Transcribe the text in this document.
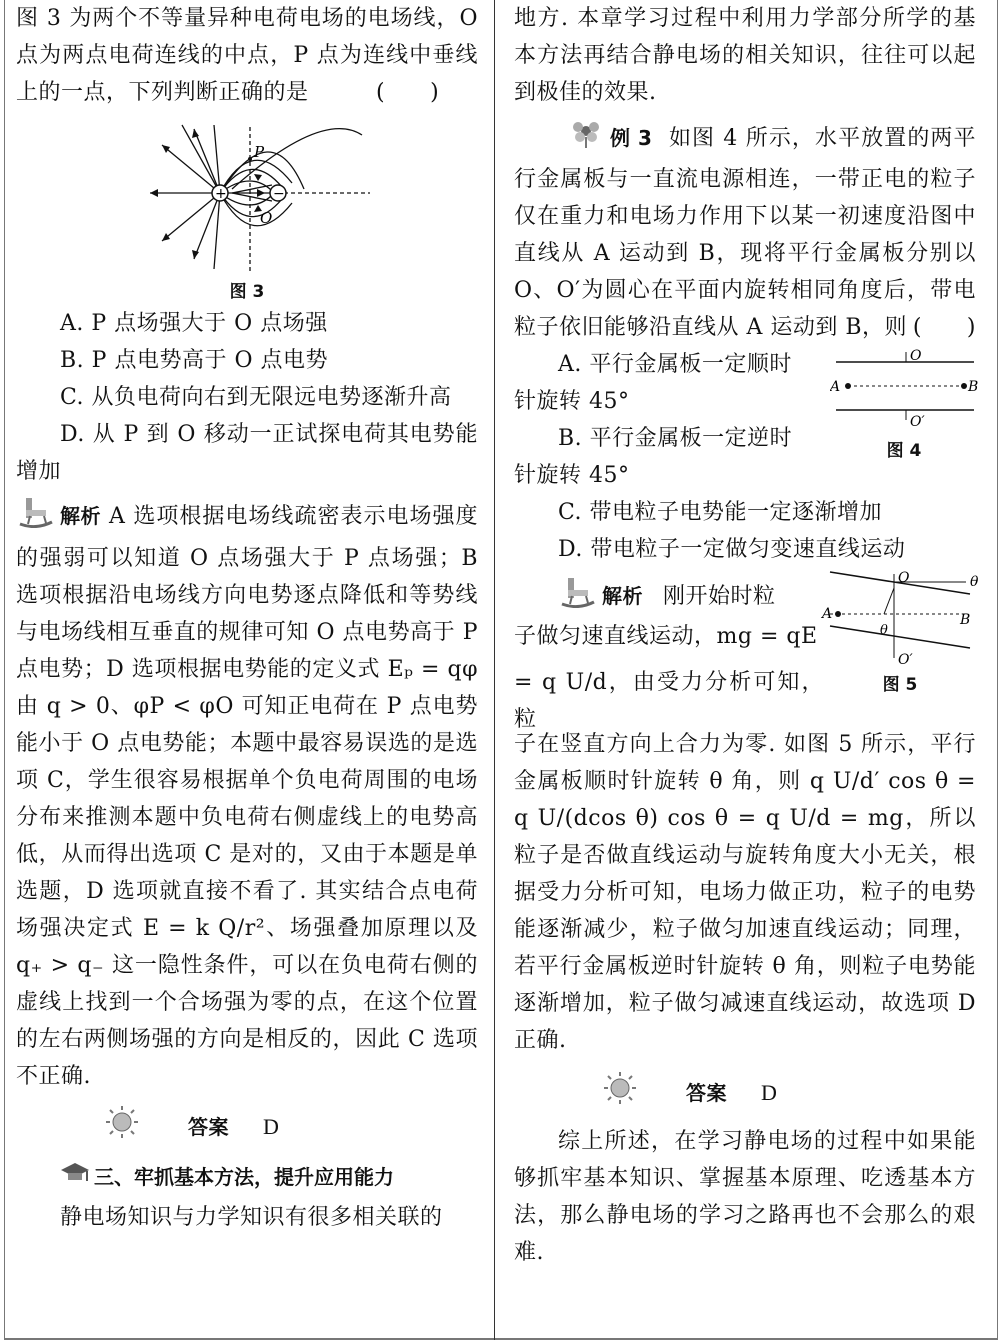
图 3 为两个不等量异种电荷电场的电场线，O 点为两点电荷连线的中点，P 点为连线中垂线上的一点，下列判断正确的是　　　(　　)

+	−
P
O
图 3

A. P 点场强大于 O 点场强

B. P 点电势高于 O 点电势

C. 从负电荷向右到无限远电势逐渐升高

D. 从 P 到 O 移动一正试探电荷其电势能增加

解析 A 选项根据电场线疏密表示电场强度的强弱可以知道 O 点场强大于 P 点场强；B 选项根据沿电场线方向电势逐点降低和等势线与电场线相互垂直的规律可知 O 点电势高于 P 点电势；D 选项根据电势能的定义式 Eₚ = qφ 由 q > 0、φP < φO 可知正电荷在 P 点电势能小于 O 点电势能；本题中最容易误选的是选项 C，学生很容易根据单个负电荷周围的电场分布来推测本题中负电荷右侧虚线上的电势高低，从而得出选项 C 是对的，又由于本题是单选题，D 选项就直接不看了. 其实结合点电荷场强决定式 E = k Q/r²、场强叠加原理以及 q₊ > q₋ 这一隐性条件，可以在负电荷右侧的虚线上找到一个合场强为零的点，在这个位置的左右两侧场强的方向是相反的，因此 C 选项不正确.

答案 D

三、牢抓基本方法，提升应用能力

静电场知识与力学知识有很多相关联的

地方. 本章学习过程中利用力学部分所学的基本方法再结合静电场的相关知识，往往可以起到极佳的效果.

例 3 如图 4 所示，水平放置的两平行金属板与一直流电源相连，一带正电的粒子仅在重力和电场力作用下以某一初速度沿图中直线从 A 运动到 B，现将平行金属板分别以 O、O′为圆心在平面内旋转相同角度后，带电粒子依旧能够沿直线从 A 运动到 B，则 (　　)

A. 平行金属板一定顺时

针旋转 45°

B. 平行金属板一定逆时

针旋转 45°

O
O′
A	B
图 4

C. 带电粒子电势能一定逐渐增加

D. 带电粒子一定做匀变速直线运动

解析 刚开始时粒

子做匀速直线运动，mg = qE

= q U/d，由受力分析可知，粒

O
O′
A	B
θ
θ
图 5

子在竖直方向上合力为零. 如图 5 所示，平行金属板顺时针旋转 θ 角，则 q U/d′ cos θ = q U/(dcos θ) cos θ = q U/d = mg，所以粒子是否做直线运动与旋转角度大小无关，根据受力分析可知，电场力做正功，粒子的电势能逐渐减少，粒子做匀加速直线运动；同理，若平行金属板逆时针旋转 θ 角，则粒子电势能逐渐增加，粒子做匀减速直线运动，故选项 D 正确.

答案 D

综上所述，在学习静电场的过程中如果能够抓牢基本知识、掌握基本原理、吃透基本方法，那么静电场的学习之路再也不会那么的艰难.
